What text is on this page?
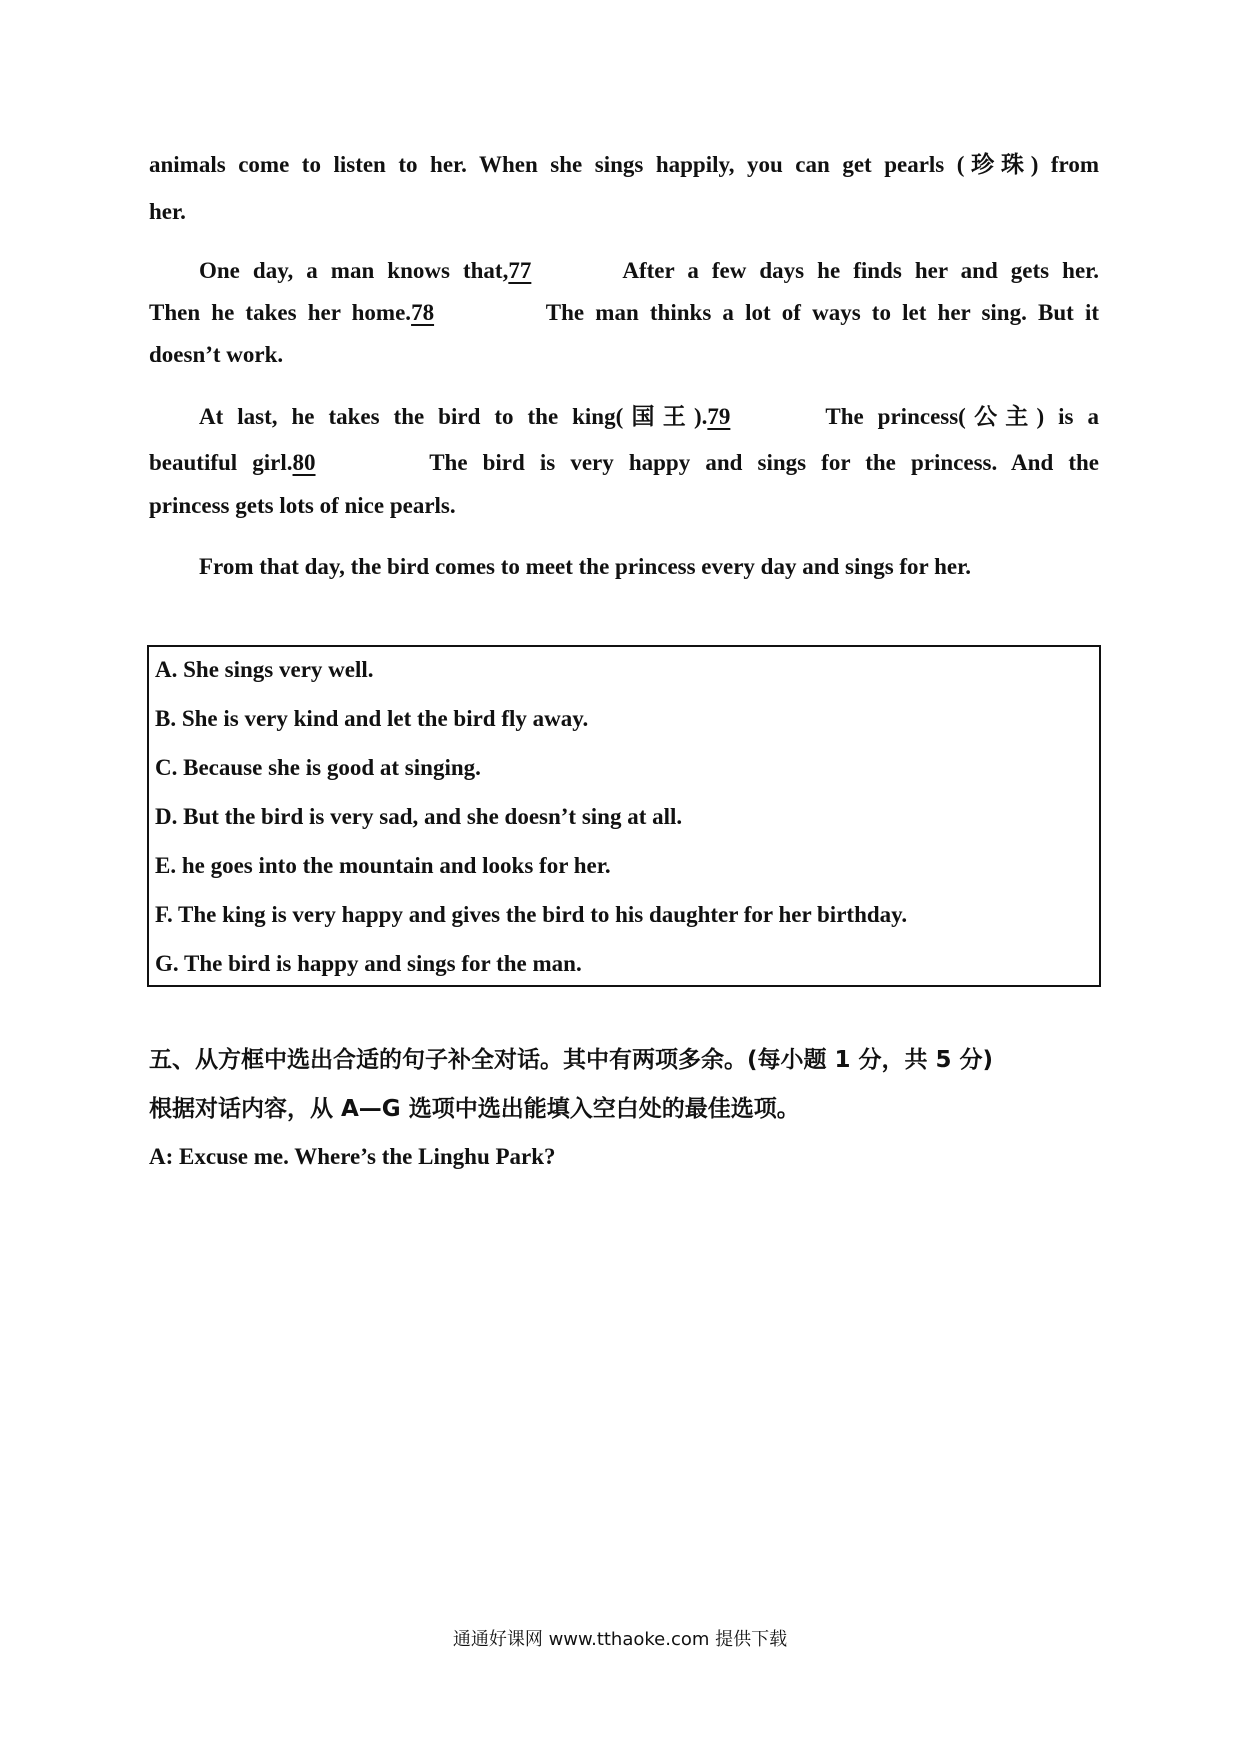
animals come to listen to her. When she sings happily, you can get pearls (珍珠) from
her.
One day, a man knows that,77	After a few days he finds her and gets her.
Then he takes her home.78	The man thinks a lot of ways to let her sing. But it
doesn’t work.
At last, he takes the bird to the king(国王).79	The princess(公主) is a
beautiful girl.80	The bird is very happy and sings for the princess. And the
princess gets lots of nice pearls.
From that day, the bird comes to meet the princess every day and sings for her.
A. She sings very well.
B. She is very kind and let the bird fly away.
C. Because she is good at singing.
D. But the bird is very sad, and she doesn’t sing at all.
E. he goes into the mountain and looks for her.
F. The king is very happy and gives the bird to his daughter for her birthday.
G. The bird is happy and sings for the man.
五、从方框中选出合适的句子补全对话。其中有两项多余。(每小题 1 分，共 5 分)
根据对话内容，从 A—G 选项中选出能填入空白处的最佳选项。
A: Excuse me. Where’s the Linghu Park?
通通好课网 www.tthaoke.com 提供下载
